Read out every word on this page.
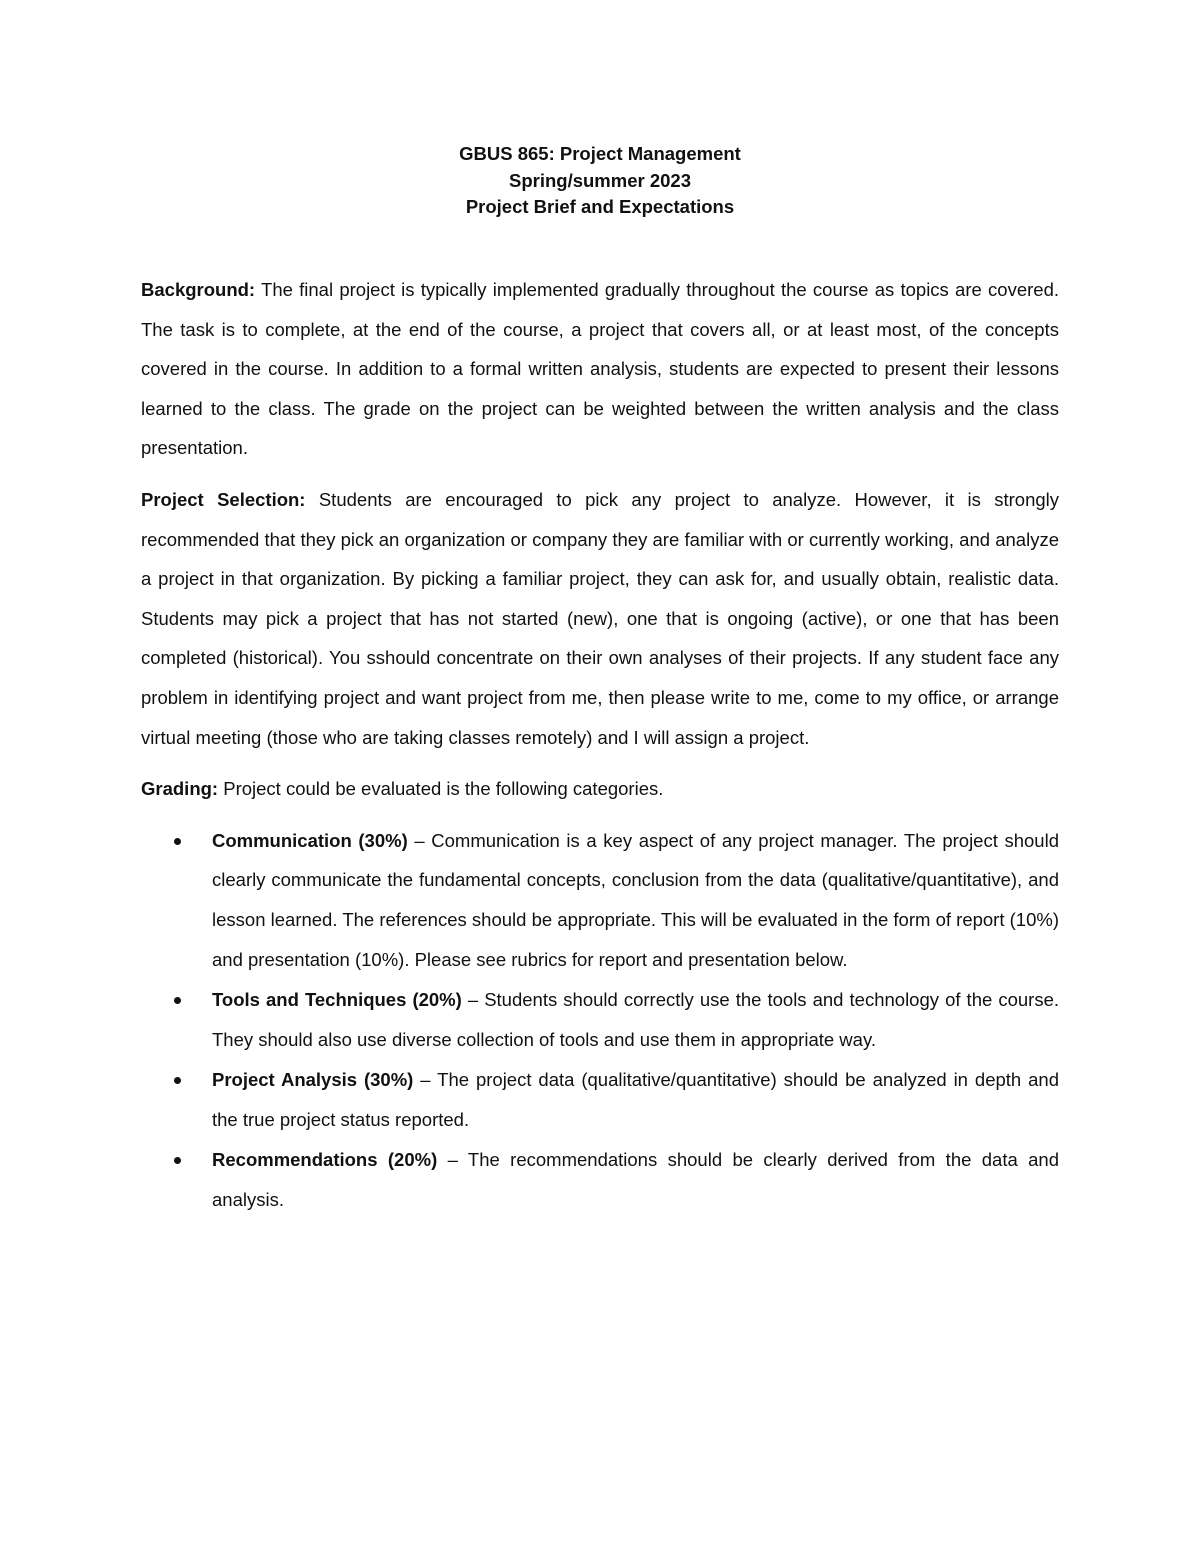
GBUS 865: Project Management
Spring/summer 2023
Project Brief and Expectations

Background: The final project is typically implemented gradually throughout the course as topics are covered. The task is to complete, at the end of the course, a project that covers all, or at least most, of the concepts covered in the course. In addition to a formal written analysis, students are expected to present their lessons learned to the class. The grade on the project can be weighted between the written analysis and the class presentation.

Project Selection: Students are encouraged to pick any project to analyze. However, it is strongly recommended that they pick an organization or company they are familiar with or currently working, and analyze a project in that organization. By picking a familiar project, they can ask for, and usually obtain, realistic data. Students may pick a project that has not started (new), one that is ongoing (active), or one that has been completed (historical). You sshould concentrate on their own analyses of their projects. If any student face any problem in identifying project and want project from me, then please write to me, come to my office, or arrange virtual meeting (those who are taking classes remotely) and I will assign a project.

Grading: Project could be evaluated is the following categories.

Communication (30%) – Communication is a key aspect of any project manager. The project should clearly communicate the fundamental concepts, conclusion from the data (qualitative/quantitative), and lesson learned. The references should be appropriate. This will be evaluated in the form of report (10%) and presentation (10%). Please see rubrics for report and presentation below.
Tools and Techniques (20%) – Students should correctly use the tools and technology of the course. They should also use diverse collection of tools and use them in appropriate way.
Project Analysis (30%) – The project data (qualitative/quantitative) should be analyzed in depth and the true project status reported.
Recommendations (20%) – The recommendations should be clearly derived from the data and analysis.
